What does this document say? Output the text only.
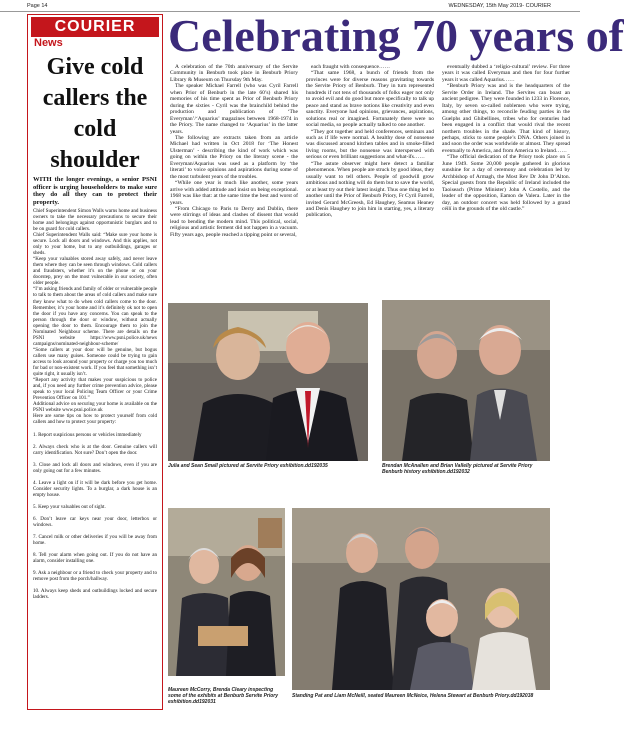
Page 14	WEDNESDAY, 15th May 2019- COURIER
COURIER
News
Give cold callers the cold shoulder
WITH the longer evenings, a senior PSNI officer is urging householders to make sure they do all they can to protect their property.

Chief Superintendent Simon Walls warns home and business owners to take the necessary precautions to secure their home and belongings against opportunistic burglars and to be on guard for cold callers.

Chief Superintendent Walls said: “Make sure your home is secure. Lock all doors and windows. And this applies, not only to your home, but to any outbuildings, garages or sheds.

“Keep your valuables stored away safely, and never leave them where they can be seen through windows. Cold callers and fraudsters, whether it’s on the phone or on your doorstep, prey on the most vulnerable in our society, often older people.

“I’m asking friends and family of older or vulnerable people to talk to them about the areas of cold callers and make sure they know what to do when cold callers come to the door. Remember, it’s your home and it’s definitely ok not to open the door if you have any concerns. You can speak to the person through the door or window, without actually opening the door to them. Encourage them to join the Nominated Neighbour scheme. There are details on the PSNI website https://www.psni.police.uk/news campaigns/nominated-neighbour-scheme/

“Some callers at your door will be genuine, but bogus callers use many guises. Someone could be trying to gain access to look around your property or charge you too much for bad or non-existent work. If you feel that something isn’t quite right, it usually isn’t.

“Report any activity that makes your suspicious to police and, if you need any further crime prevention advice, please speak to your local Policing Team Officer or your Crime Prevention Officer on 101.”

Additional advice on securing your home is available on the PSNI website www.psni.police.uk

Here are some tips on how to protect yourself from cold callers and how to protect your property:

1. Report suspicious persons or vehicles immediately

2. Always check who is at the door. Genuine callers will carry identification. Not sure? Don’t open the door.

3. Close and lock all doors and windows, even if you are only going out for a few minutes.

4. Leave a light on if it will be dark before you get home. Consider security lights. To a burglar, a dark house is an empty house.

5. Keep your valuables out of sight.

6. Don’t leave car keys near your door, letterbox or windows.

7. Cancel milk or other deliveries if you will be away from home.

8. Tell your alarm when going out. If you do not have an alarm, consider installing one.

9. Ask a neighbour or a friend to check your property and to remove post from the porch/hallway.

10. Always keep sheds and outbuildings locked and secure ladders.

Celebrating 70 years of

A celebration of the 70th anniversary of the Servite Community in Benburb took place in Benburb Priory Library & Museum on Thursday 9th May.

The speaker Michael Farrell (who was Cyril Farrell when Prior of Benburb in the late 60’s) shared his memories of his time spent as Prior of Benburb Priory during the sixties - Cyril was the brainchild behind the production and publication of ‘The Everyman’/‘Aquarius’ magazines between 1968-1974 in the Priory. The name changed to ‘Aquarius’ in the latter years.

The following are extracts taken from an article Michael had written in Oct 2018 for ‘The Honest Ulsterman’ - describing the kind of work which was going on within the Priory on the literary scene - the Everyman/Aquarius was used as a platform by ‘the literati’ to voice opinions and aspirations during some of the most turbulent years of the troubles.

“While one year is much like another, some years arrive with added attitude and insist on being exceptional. 1968 was like that: at the same time the best and worst of years.

“From Chicago to Paris to Derry and Dublin, there were stirrings of ideas and clashes of dissent that would lead to bending the modern mind. This political, social, religious and artistic ferment did not happen in a vacuum. Fifty years ago, people reached a tipping point or several,

each fraught with consequence……

“That same 1968, a bunch of friends from the provinces were for diverse reasons gravitating towards the Servite Priory of Benburb. They in turn represented hundreds if not tens of thousands of folks eager not only to avoid evil and do good but more specifically to talk up peace and stand as brave notions like creativity and even sanctity. Everyone had opinions, grievances, aspirations, solutions real or imagined. Fortunately there were no social media, so people actually talked to one another.

“They got together and held conferences, seminars and such as if life were normal. A healthy dose of nonsense was discussed around kitchen tables and in smoke-filled living rooms, but the nonsense was interspersed with serious or even brilliant suggestions and what-ifs……

“The astute observer might here detect a familiar phenomenon. When people are struck by good ideas, they usually want to tell others. People of goodwill grow ambitious and nothing will do them but to save the world, or at least try out their latest insight. Thus one thing led to another until the Prior of Benburb Priory, Fr Cyril Farrell, invited Gerard McGreesh, Ed Haughey, Seamus Heaney and Denis Haughey to join him in starting, yes, a literary publication,

eventually dubbed a ‘religio-cultural’ review. For three years it was called Everyman and then for four further years it was called Aquarius……

“Benburb Priory was and is the headquarters of the Servite Order in Ireland. The Servites can boast an ancient pedigree. They were founded in 1233 in Florence, Italy, by seven so-called noblemen who were trying, among other things, to reconcile feuding parties in the Guelphs and Ghibellines, tribes who for centuries had been engaged in a conflict that would rival the recent northern troubles in the shade. That kind of history, perhaps, sticks to some people’s DNA. Others joined in and soon the order was worldwide or almost. They spread eventually to America, and from America to Ireland……

“The official dedication of the Priory took place on 5 June 1949. Some 20,000 people gathered in glorious sunshine for a day of ceremony and celebration led by Archbishop of Armagh, the Most Rev Dr John D’Alton. Special guests from the Republic of Ireland included the Taoiseach (Prime Minister) John A Costello, and the leader of the opposition, Eamon de Valera. Later in the day, an outdoor concert was held followed by a grand céilí in the grounds of the old castle.”

Julia and Sean Small pictured at Servite Priory exhibition.dd192035	Brendan McAnallen and Brian Vallelly pictured at Servite Priory Benburb history exhibition.dd192032
Maureen McCorry, Brenda Cleary inspecting some of the exhibits at Benburb Servite Priory exhibition.dd192031
Standing Pat and Liam McNeill, seated Maureen McNeice, Helena Stewart at Benburb Priory.dd192038
